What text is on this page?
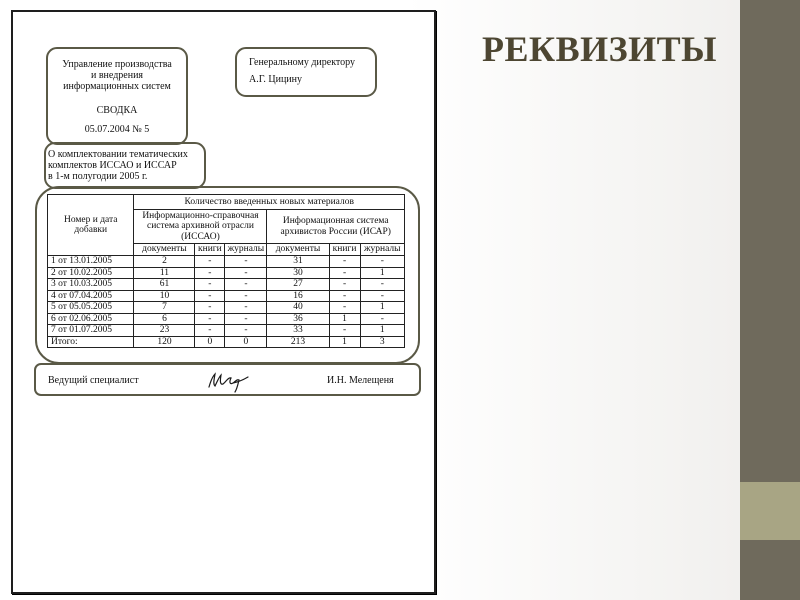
РЕКВИЗИТЫ
Управление производства
и внедрения
информационных систем
СВОДКА
05.07.2004 № 5
Генеральному директору
А.Г. Цицину
О комплектовании тематических
комплектов ИССАО и ИССАР
в 1-м полугодии 2005 г.
Номер и дата добавки	Количество введенных новых материалов					
	Информационно-справочная система архивной отрасли (ИССАО)			Информационная система архивистов России (ИСАР)		
	документы	книги	журналы	документы	книги	журналы
1 от 13.01.2005	2	-	-	31	-	-
2 от 10.02.2005	11	-	-	30	-	1
3 от 10.03.2005	61	-	-	27	-	-
4 от 07.04.2005	10	-	-	16	-	-
5 от 05.05.2005	7	-	-	40	-	1
6 от 02.06.2005	6	-	-	36	1	-
7 от 01.07.2005	23	-	-	33	-	1
Итого:	120	0	0	213	1	3
Ведущий специалист	И.Н. Мелещеня
